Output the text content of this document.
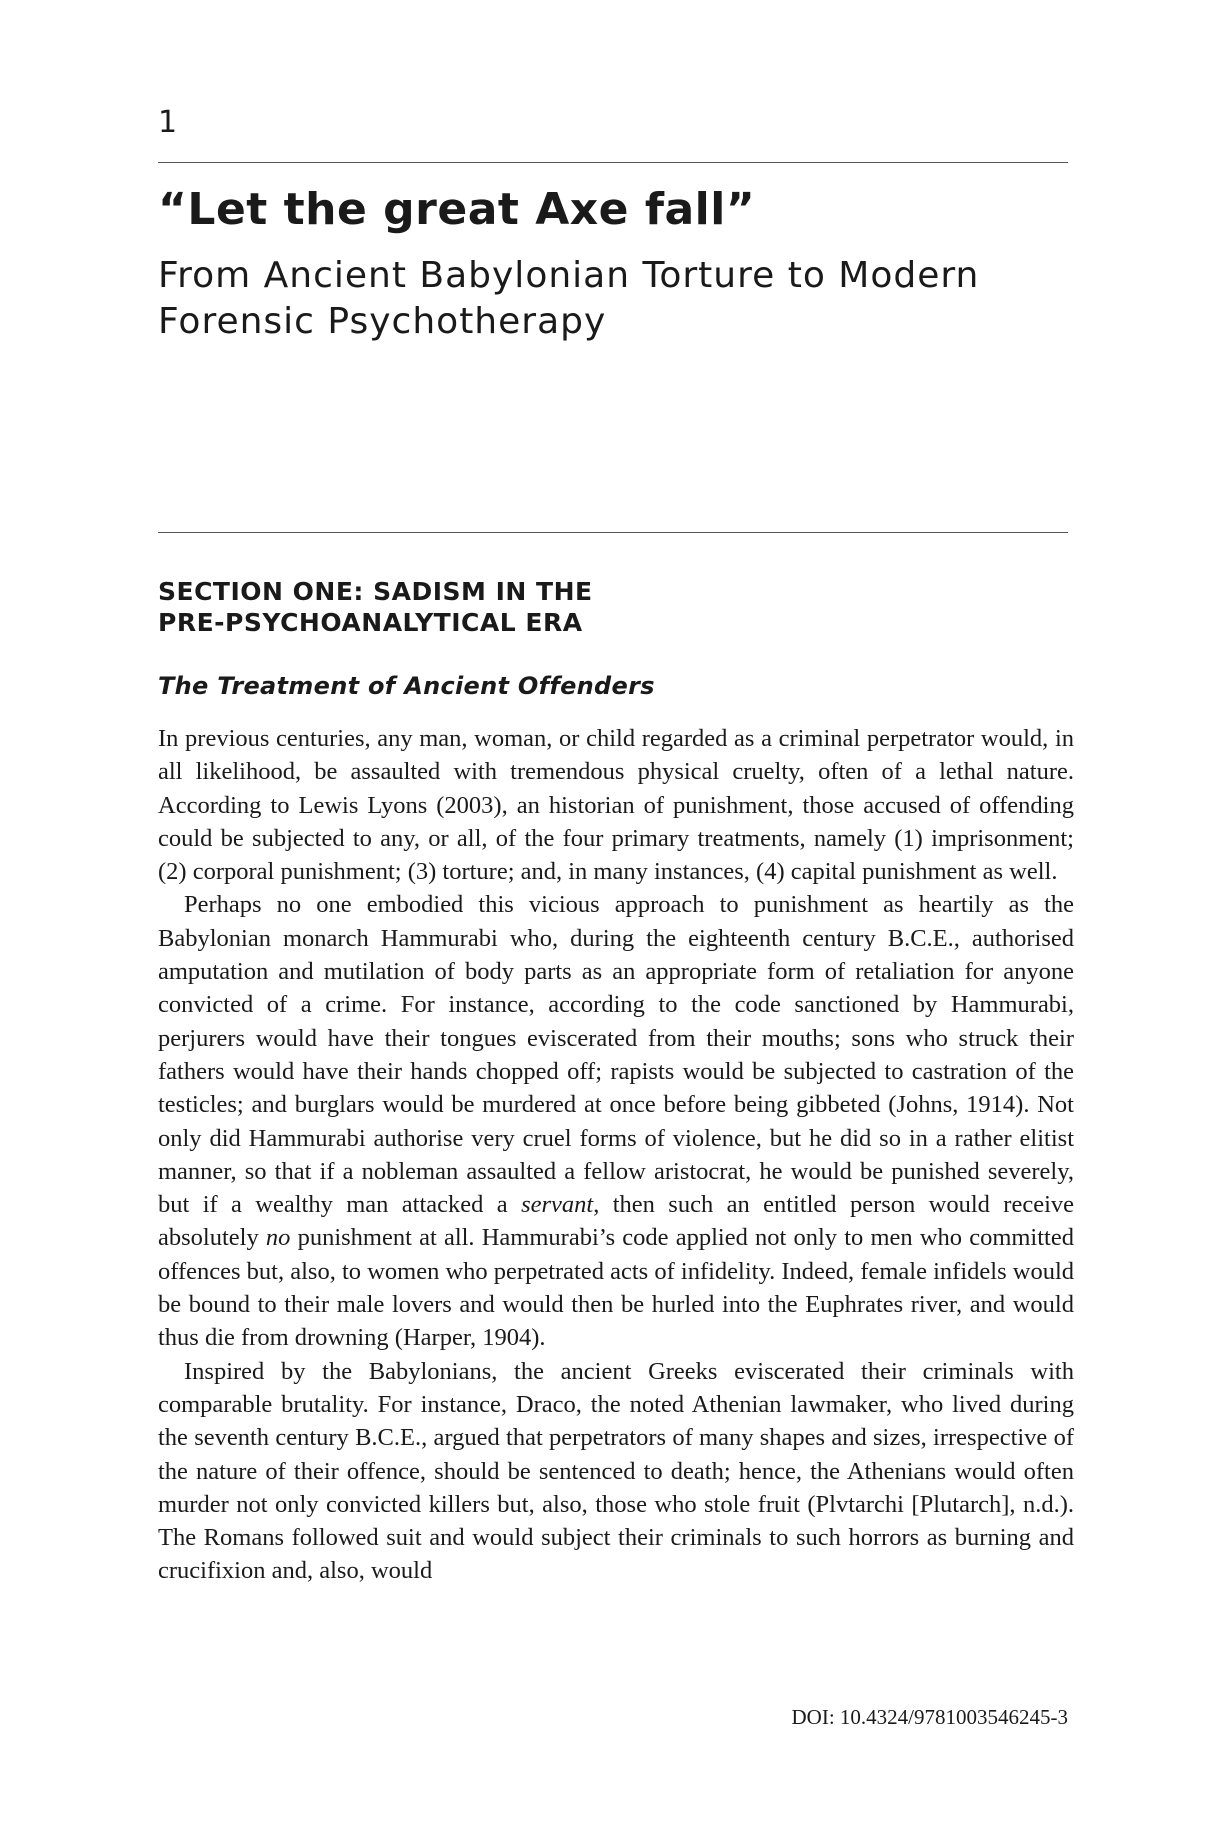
1
“Let the great Axe fall”
From Ancient Babylonian Torture to Modern Forensic Psychotherapy
SECTION ONE: SADISM IN THE
PRE-PSYCHOANALYTICAL ERA
The Treatment of Ancient Offenders

In previous centuries, any man, woman, or child regarded as a criminal perpetrator would, in all likelihood, be assaulted with tremendous physical cruelty, often of a lethal nature. According to Lewis Lyons (2003), an historian of punishment, those accused of offending could be subjected to any, or all, of the four primary treatments, namely (1) imprisonment; (2) corporal punishment; (3) torture; and, in many instances, (4) capital punishment as well.

Perhaps no one embodied this vicious approach to punishment as heartily as the Babylonian monarch Hammurabi who, during the eighteenth century B.C.E., authorised amputation and mutilation of body parts as an appropriate form of retaliation for anyone convicted of a crime. For instance, according to the code sanctioned by Hammurabi, perjurers would have their tongues eviscerated from their mouths; sons who struck their fathers would have their hands chopped off; rapists would be subjected to castration of the testicles; and burglars would be murdered at once before being gibbeted (Johns, 1914). Not only did Hammurabi authorise very cruel forms of violence, but he did so in a rather elitist manner, so that if a nobleman assaulted a fellow aristocrat, he would be punished severely, but if a wealthy man attacked a servant, then such an entitled person would receive absolutely no punishment at all. Hammurabi’s code applied not only to men who committed offences but, also, to women who perpetrated acts of infidelity. Indeed, female infidels would be bound to their male lovers and would then be hurled into the Euphrates river, and would thus die from drowning (Harper, 1904).

Inspired by the Babylonians, the ancient Greeks eviscerated their criminals with comparable brutality. For instance, Draco, the noted Athenian lawmaker, who lived during the seventh century B.C.E., argued that perpetrators of many shapes and sizes, irrespective of the nature of their offence, should be sentenced to death; hence, the Athenians would often murder not only convicted killers but, also, those who stole fruit (Plvtarchi [Plutarch], n.d.). The Romans followed suit and would subject their criminals to such horrors as burning and crucifixion and, also, would

DOI: 10.4324/9781003546245-3
